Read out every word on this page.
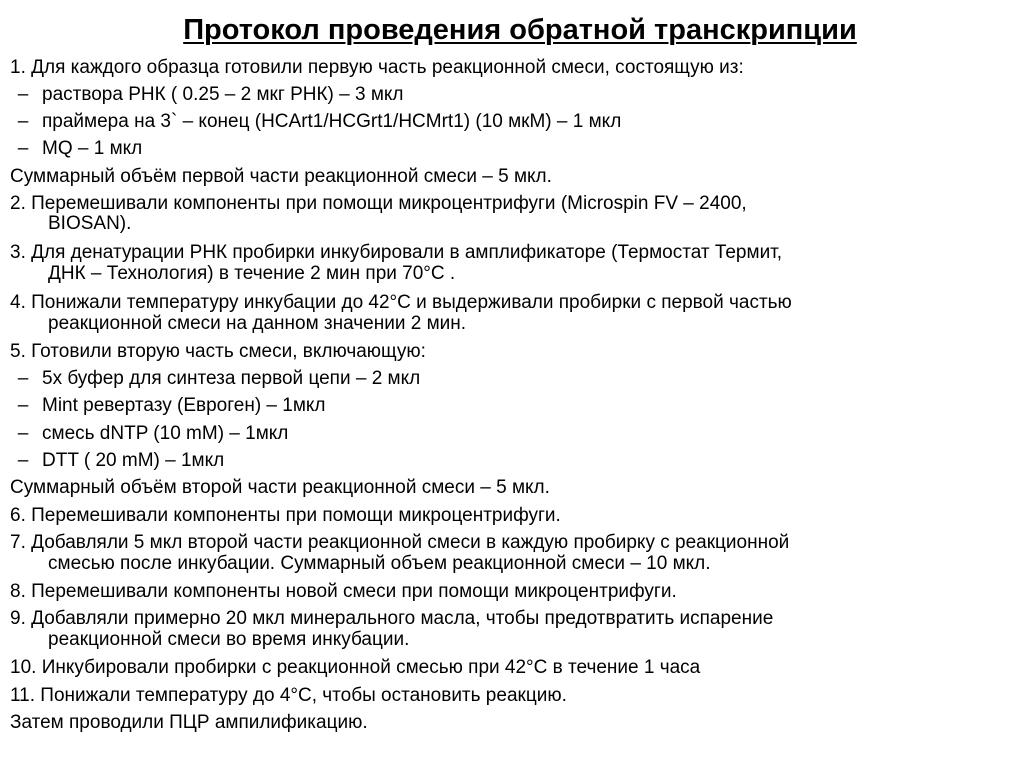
Протокол проведения обратной транскрипции
1. Для каждого образца готовили первую часть реакционной смеси, состоящую из:
– раствора РНК ( 0.25 – 2 мкг РНК) – 3 мкл
– праймера на 3` – конец (HCArt1/HCGrt1/HCMrt1) (10 мкМ) – 1 мкл
– MQ – 1 мкл
Суммарный объём первой части реакционной смеси – 5 мкл.
2. Перемешивали компоненты при помощи микроцентрифуги (Microspin FV – 2400,
BIOSAN).
3. Для денатурации РНК пробирки инкубировали в амплификаторе (Термостат Термит,
ДНК – Технология) в течение 2 мин при 70°С .
4. Понижали температуру инкубации до 42°С и выдерживали пробирки с первой частью
реакционной смеси на данном значении 2 мин.
5. Готовили вторую часть смеси, включающую:
– 5х буфер для синтеза первой цепи – 2 мкл
– Mint ревертазу (Евроген) – 1мкл
– смесь dNTP (10 mM) – 1мкл
– DTT ( 20 mM) – 1мкл
Суммарный объём второй части реакционной смеси – 5 мкл.
6. Перемешивали компоненты при помощи микроцентрифуги.
7. Добавляли 5 мкл второй части реакционной смеси в каждую пробирку с реакционной
смесью после инкубации. Суммарный объем реакционной смеси – 10 мкл.
8. Перемешивали компоненты новой смеси при помощи микроцентрифуги.
9. Добавляли примерно 20 мкл минерального масла, чтобы предотвратить испарение
реакционной смеси во время инкубации.
10. Инкубировали пробирки с реакционной смесью при 42°С в течение 1 часа
11. Понижали температуру до 4°С, чтобы остановить реакцию.
Затем проводили ПЦР ампилификацию.
